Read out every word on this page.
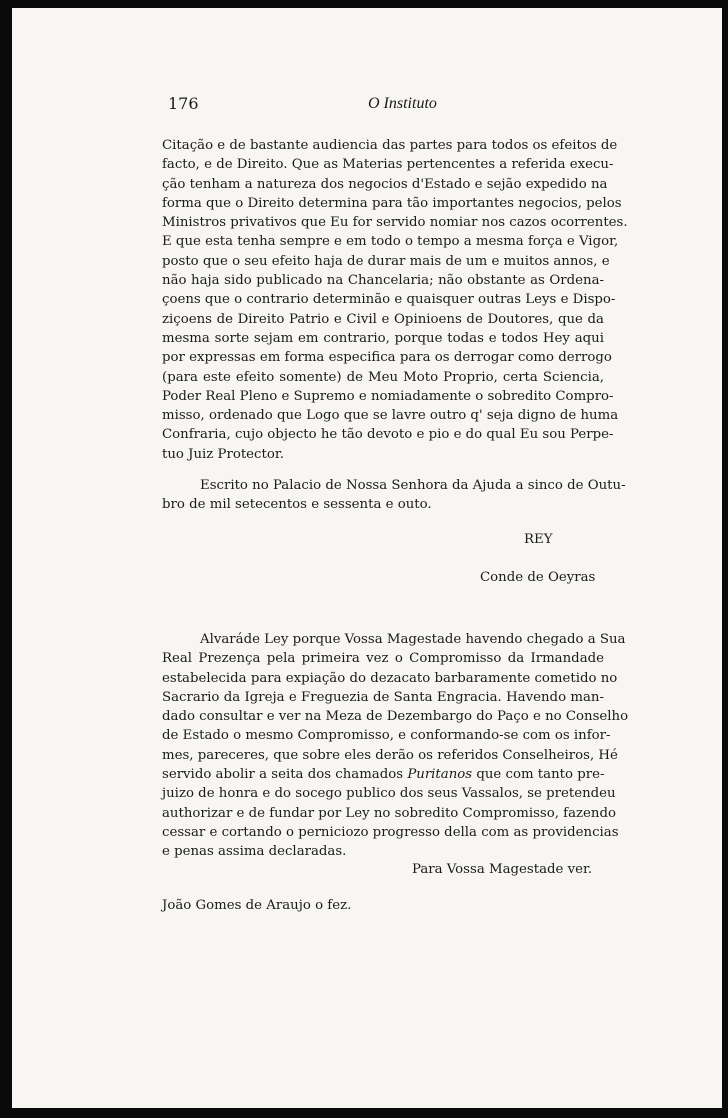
176	O Instituto
Citação e de bastante audiencia das partes para todos os efeitos de
facto, e de Direito. Que as Materias pertencentes a referida execu-
ção tenham a natureza dos negocios d'Estado e sejão expedido na
forma que o Direito determina para tão importantes negocios, pelos
Ministros privativos que Eu for servido nomiar nos cazos ocorrentes.
E que esta tenha sempre e em todo o tempo a mesma força e Vigor,
posto que o seu efeito haja de durar mais de um e muitos annos, e
não haja sido publicado na Chancelaria; não obstante as Ordena-
çoens que o contrario determinão e quaisquer outras Leys e Dispo-
ziçoens de Direito Patrio e Civil e Opinioens de Doutores, que da
mesma sorte sejam em contrario, porque todas e todos Hey aqui
por expressas em forma especifica para os derrogar como derrogo
(para este efeito somente) de Meu Moto Proprio, certa Sciencia,
Poder Real Pleno e Supremo e nomiadamente o sobredito Compro-
misso, ordenado que Logo que se lavre outro q' seja digno de huma
Confraria, cujo objecto he tão devoto e pio e do qual Eu sou Perpe-
tuo Juiz Protector.
Escrito no Palacio de Nossa Senhora da Ajuda a sinco de Outu-
bro de mil setecentos e sessenta e outo.
REY
Conde de Oeyras
Alvaráde Ley porque Vossa Magestade havendo chegado a Sua
Real Prezença pela primeira vez o Compromisso da Irmandade
estabelecida para expiação do dezacato barbaramente cometido no
Sacrario da Igreja e Freguezia de Santa Engracia. Havendo man-
dado consultar e ver na Meza de Dezembargo do Paço e no Conselho
de Estado o mesmo Compromisso, e conformando-se com os infor-
mes, pareceres, que sobre eles derão os referidos Conselheiros, Hé
servido abolir a seita dos chamados Puritanos que com tanto pre-
juizo de honra e do socego publico dos seus Vassalos, se pretendeu
authorizar e de fundar por Ley no sobredito Compromisso, fazendo
cessar e cortando o perniciozo progresso della com as providencias
e penas assima declaradas.
Para Vossa Magestade ver.
João Gomes de Araujo o fez.
